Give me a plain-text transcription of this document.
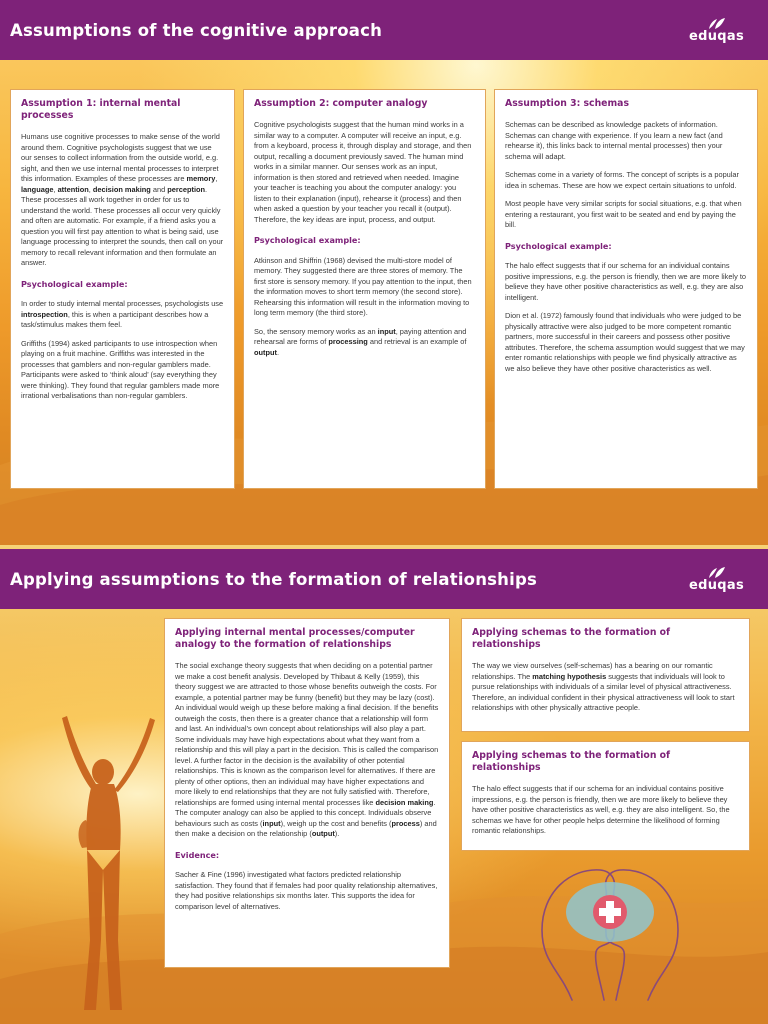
Assumptions of the cognitive approach	eduqas
Assumption 1: internal mental processes

Humans use cognitive processes to make sense of the world around them. Cognitive psychologists suggest that we use our senses to collect information from the outside world, e.g. sight, and then we use internal mental processes to interpret this information. Examples of these processes are memory, language, attention, decision making and perception. These processes all work together in order for us to understand the world. These processes all occur very quickly and often are automatic. For example, if a friend asks you a question you will first pay attention to what is being said, use language processing to interpret the sounds, then call on your memory to recall relevant information and then formulate an answer.

Psychological example:

In order to study internal mental processes, psychologists use introspection, this is when a participant describes how a task/stimulus makes them feel.

Griffiths (1994) asked participants to use introspection when playing on a fruit machine. Griffiths was interested in the processes that gamblers and non-regular gamblers made. Participants were asked to ‘think aloud’ (say everything they were thinking). They found that regular gamblers made more irrational verbalisations than non-regular gamblers.

Assumption 2: computer analogy

Cognitive psychologists suggest that the human mind works in a similar way to a computer. A computer will receive an input, e.g. from a keyboard, process it, through display and storage, and then output, recalling a document previously saved. The human mind works in a similar manner. Our senses work as an input, information is then stored and retrieved when needed. Imagine your teacher is teaching you about the computer analogy: you listen to their explanation (input), rehearse it (process) and then when asked a question by your teacher you recall it (output). Therefore, the key ideas are input, process, and output.

Psychological example:

Atkinson and Shiffrin (1968) devised the multi-store model of memory. They suggested there are three stores of memory. The first store is sensory memory. If you pay attention to the input, then the information moves to short term memory (the second store). Rehearsing this information will result in the information moving to long term memory (the third store).

So, the sensory memory works as an input, paying attention and rehearsal are forms of processing and retrieval is an example of output.

Assumption 3: schemas

Schemas can be described as knowledge packets of information. Schemas can change with experience. If you learn a new fact (and rehearse it), this links back to internal mental processes) then your schema will adapt.

Schemas come in a variety of forms. The concept of scripts is a popular idea in schemas. These are how we expect certain situations to unfold.

Most people have very similar scripts for social situations, e.g. that when entering a restaurant, you first wait to be seated and end by paying the bill.

Psychological example:

The halo effect suggests that if our schema for an individual contains positive impressions, e.g. the person is friendly, then we are more likely to believe they have other positive characteristics as well, e.g. they are also intelligent.

Dion et al. (1972) famously found that individuals who were judged to be physically attractive were also judged to be more competent romantic partners, more successful in their careers and possess other positive attributes. Therefore, the schema assumption would suggest that we may enter romantic relationships with people we find physically attractive as we also believe they have other positive characteristics as well.

Applying assumptions to the formation of relationships	eduqas
Applying internal mental processes/computer analogy to the formation of relationships

The social exchange theory suggests that when deciding on a potential partner we make a cost benefit analysis. Developed by Thibaut & Kelly (1959), this theory suggest we are attracted to those whose benefits outweigh the costs. For example, a potential partner may be funny (benefit) but they may be lazy (cost). An individual would weigh up these before making a final decision. If the benefits outweigh the costs, then there is a greater chance that a relationship will form and last. An individual’s own concept about relationships will also play a part. Some individuals may have high expectations about what they want from a relationship and this will play a part in the decision. This is called the comparison level. A further factor in the decision is the availability of other potential relationships. This is known as the comparison level for alternatives. If there are plenty of other options, then an individual may have higher expectations and more likely to end relationships that they are not fully satisfied with. Therefore, relationships are formed using internal mental processes like decision making. The computer analogy can also be applied to this concept. Individuals observe behaviours such as costs (input), weigh up the cost and benefits (process) and then make a decision on the relationship (output).

Evidence:

Sacher & Fine (1996) investigated what factors predicted relationship satisfaction. They found that if females had poor quality relationship alternatives, they had positive relationships six months later. This supports the idea for comparison level of alternatives.

Applying schemas to the formation of relationships

The way we view ourselves (self-schemas) has a bearing on our romantic relationships. The matching hypothesis suggests that individuals will look to pursue relationships with individuals of a similar level of physical attractiveness. Therefore, an individual confident in their physical attractiveness will look to start relationships with other physically attractive people.

Applying schemas to the formation of relationships

The halo effect suggests that if our schema for an individual contains positive impressions, e.g. the person is friendly, then we are more likely to believe they have other positive characteristics as well, e.g. they are also intelligent. So, the schemas we have for other people helps determine the likelihood of forming romantic relationships.
